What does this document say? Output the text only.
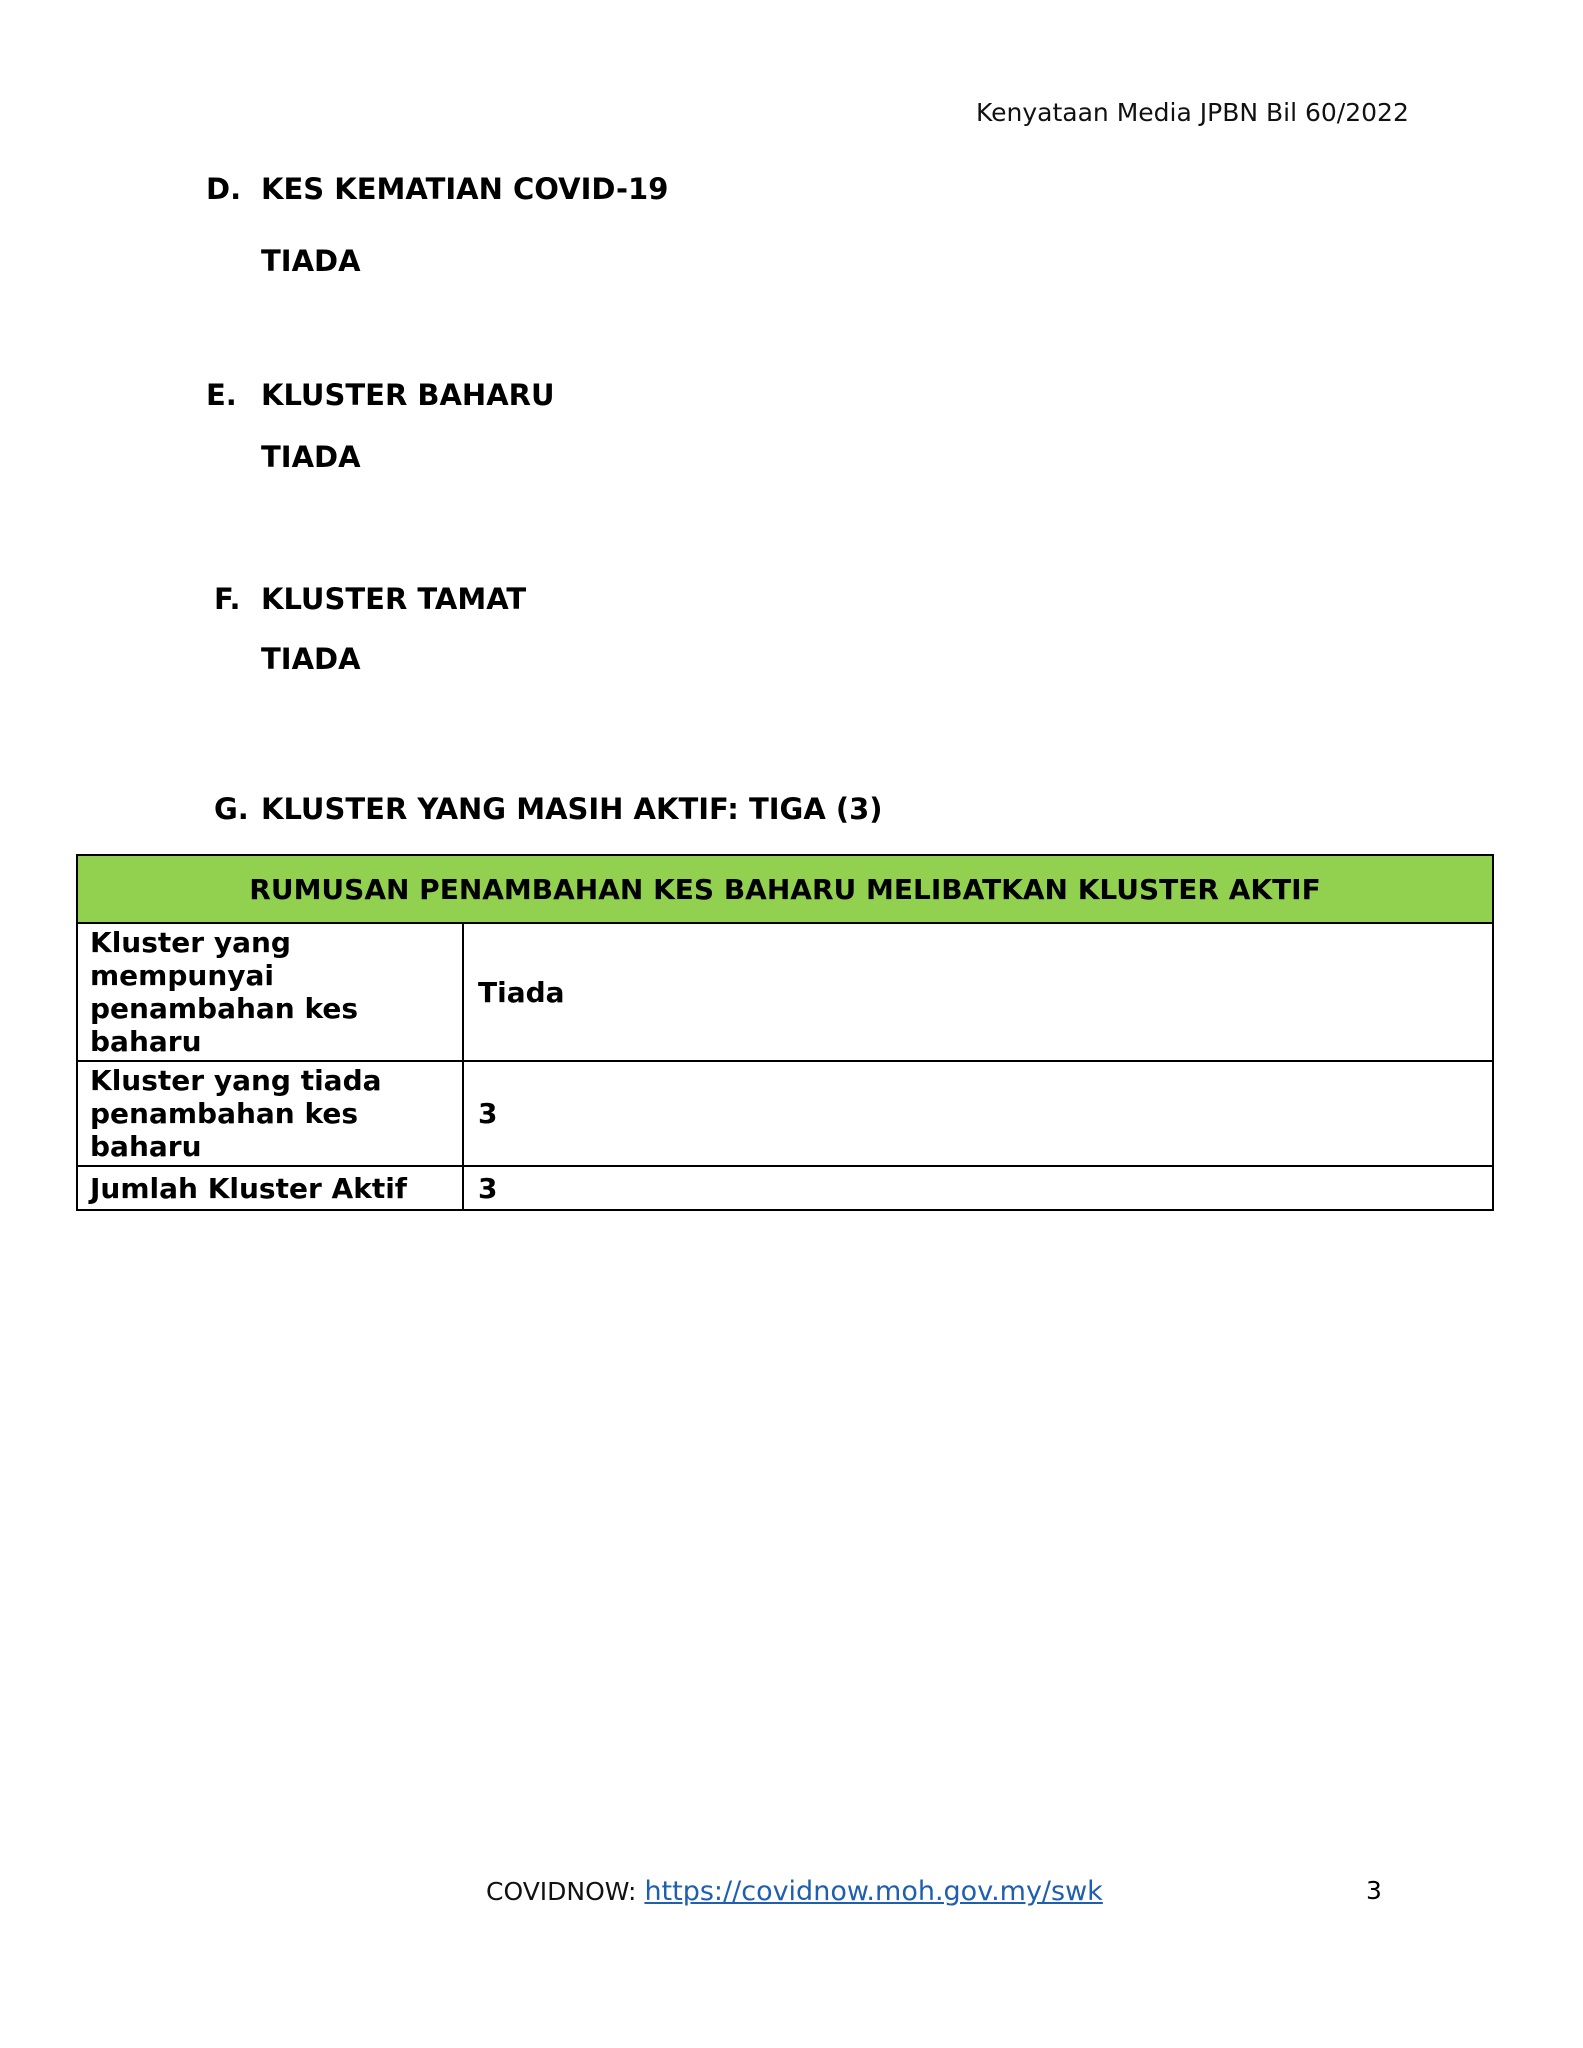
Kenyataan Media JPBN Bil 60/2022
D. KES KEMATIAN COVID-19
TIADA
E. KLUSTER BAHARU
TIADA
F. KLUSTER TAMAT
TIADA
G. KLUSTER YANG MASIH AKTIF: TIGA (3)
RUMUSAN PENAMBAHAN KES BAHARU MELIBATKAN KLUSTER AKTIF	
Kluster yang mempunyai penambahan kes baharu	Tiada
Kluster yang tiada penambahan kes baharu	3
Jumlah Kluster Aktif	3
COVIDNOW: https://covidnow.moh.gov.my/swk	3
